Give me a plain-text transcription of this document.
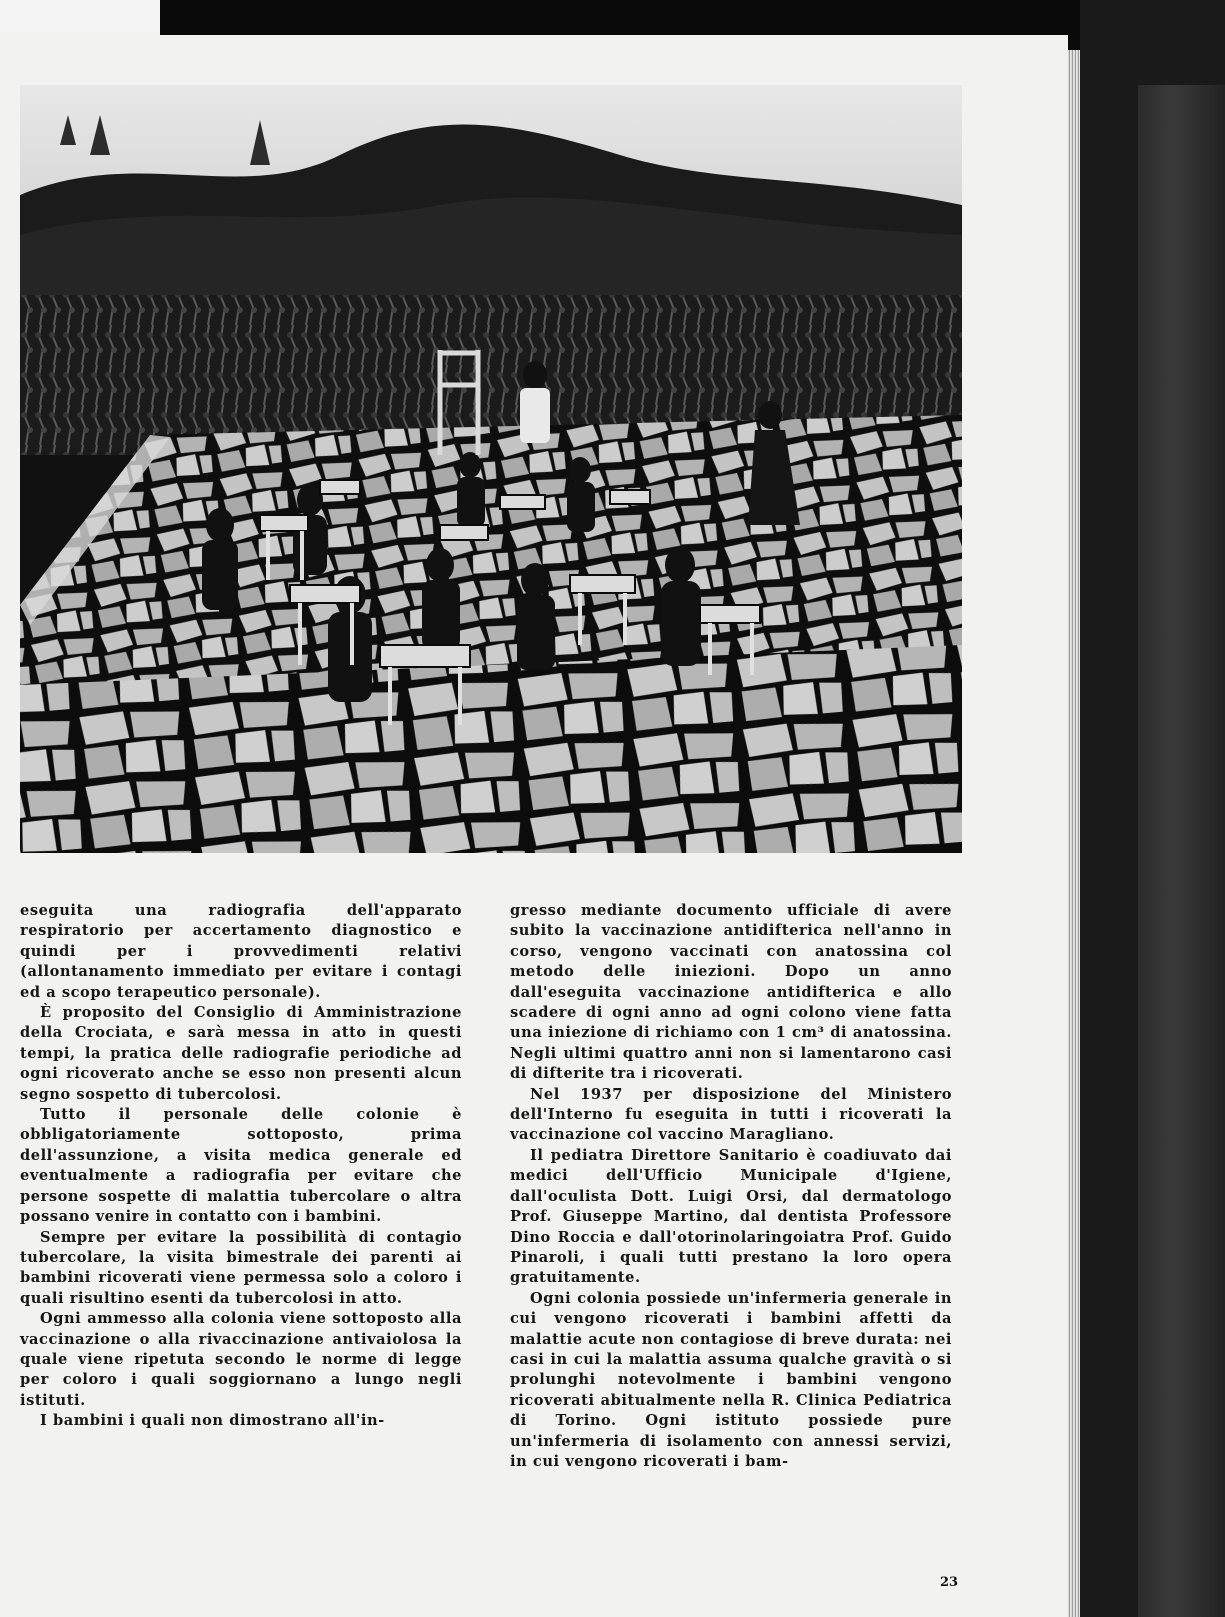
eseguita una radiografia dell'apparato respiratorio per accertamento diagnostico e quindi per i provvedimenti relativi (allontanamento immediato per evitare i contagi ed a scopo terapeutico personale).

È proposito del Consiglio di Amministrazione della Crociata, e sarà messa in atto in questi tempi, la pratica delle radiografie periodiche ad ogni ricoverato anche se esso non presenti alcun segno sospetto di tubercolosi.

Tutto il personale delle colonie è obbligatoriamente sottoposto, prima dell'assunzione, a visita medica generale ed eventualmente a radiografia per evitare che persone sospette di malattia tubercolare o altra possano venire in contatto con i bambini.

Sempre per evitare la possibilità di contagio tubercolare, la visita bimestrale dei parenti ai bambini ricoverati viene permessa solo a coloro i quali risultino esenti da tubercolosi in atto.

Ogni ammesso alla colonia viene sottoposto alla vaccinazione o alla rivaccinazione antivaiolosa la quale viene ripetuta secondo le norme di legge per coloro i quali soggiornano a lungo negli istituti.

I bambini i quali non dimostrano all'in-

gresso mediante documento ufficiale di avere subito la vaccinazione antidifterica nell'anno in corso, vengono vaccinati con anatossina col metodo delle iniezioni. Dopo un anno dall'eseguita vaccinazione antidifterica e allo scadere di ogni anno ad ogni colono viene fatta una iniezione di richiamo con 1 cm³ di anatossina. Negli ultimi quattro anni non si lamentarono casi di difterite tra i ricoverati.

Nel 1937 per disposizione del Ministero dell'Interno fu eseguita in tutti i ricoverati la vaccinazione col vaccino Maragliano.

Il pediatra Direttore Sanitario è coadiuvato dai medici dell'Ufficio Municipale d'Igiene, dall'oculista Dott. Luigi Orsi, dal dermatologo Prof. Giuseppe Martino, dal dentista Professore Dino Roccia e dall'otorinolaringoiatra Prof. Guido Pinaroli, i quali tutti prestano la loro opera gratuitamente.

Ogni colonia possiede un'infermeria generale in cui vengono ricoverati i bambini affetti da malattie acute non contagiose di breve durata: nei casi in cui la malattia assuma qualche gravità o si prolunghi notevolmente i bambini vengono ricoverati abitualmente nella R. Clinica Pediatrica di Torino. Ogni istituto possiede pure un'infermeria di isolamento con annessi servizi, in cui vengono ricoverati i bam-

23
